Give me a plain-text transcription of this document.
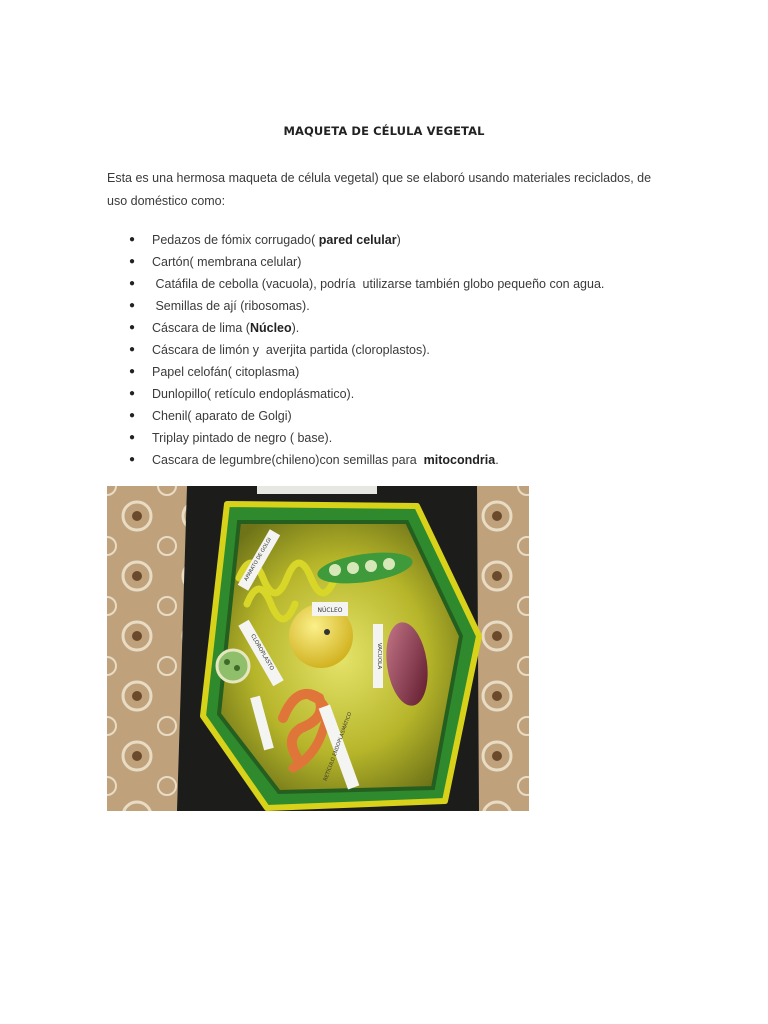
MAQUETA DE CÉLULA VEGETAL
Esta es una hermosa maqueta de célula vegetal) que se elaboró usando materiales reciclados, de uso doméstico como:
● Pedazos de fómix corrugado( pared celular)
● Cartón( membrana celular)
● Catáfila de cebolla (vacuola), podría  utilizarse también globo pequeño con agua.
● Semillas de ají (ribosomas).
● Cáscara de lima (Núcleo).
● Cáscara de limón y  averjita partida (cloroplastos).
● Papel celofán( citoplasma)
● Dunlopillo( retículo endoplásmatico).
● Chenil( aparato de Golgi)
● Triplay pintado de negro ( base).
● Cascara de legumbre(chileno)con semillas para  mitocondria.
NÚCLEO
VACUOLA
CLOROPLASTO
RETÍCULO ENDOPLASMÁTICO
APARATO DE GOLGI
